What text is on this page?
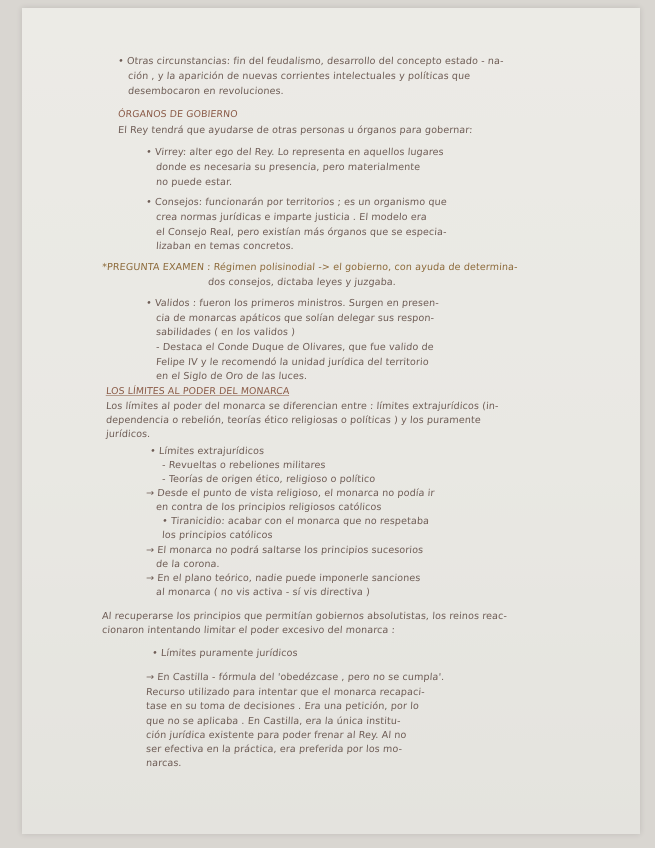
• Otras circunstancias: fin del feudalismo, desarrollo del concepto estado - na-
ción , y la aparición de nuevas corrientes intelectuales y políticas que
desembocaron en revoluciones.
ÓRGANOS DE GOBIERNO
El Rey tendrá que ayudarse de otras personas u órganos para gobernar:
• Virrey: alter ego del Rey. Lo representa en aquellos lugares
donde es necesaria su presencia, pero materialmente
no puede estar.
• Consejos: funcionarán por territorios ; es un organismo que
crea normas jurídicas e imparte justicia . El modelo era
el Consejo Real, pero existían más órganos que se especia-
lizaban en temas concretos.
*PREGUNTA EXAMEN : Régimen polisinodial -> el gobierno, con ayuda de determina-
dos consejos, dictaba leyes y juzgaba.
• Validos : fueron los primeros ministros. Surgen en presen-
cia de monarcas apáticos que solían delegar sus respon-
sabilidades ( en los validos )
- Destaca el Conde Duque de Olivares, que fue valido de
Felipe IV y le recomendó la unidad jurídica del territorio
en el Siglo de Oro de las luces.
LOS LÍMITES AL PODER DEL MONARCA
Los límites al poder del monarca se diferencian entre : límites extrajurídicos (in-
dependencia o rebelión, teorías ético religiosas o políticas ) y los puramente
jurídicos.
• Límites extrajurídicos
- Revueltas o rebeliones militares
- Teorías de origen ético, religioso o político
→ Desde el punto de vista religioso, el monarca no podía ir
en contra de los principios religiosos católicos
• Tiranicidio: acabar con el monarca que no respetaba
los principios católicos
→ El monarca no podrá saltarse los principios sucesorios
de la corona.
→ En el plano teórico, nadie puede imponerle sanciones
al monarca ( no vis activa - sí vis directiva )
Al recuperarse los principios que permitían gobiernos absolutistas, los reinos reac-
cionaron intentando limitar el poder excesivo del monarca :
• Límites puramente jurídicos
→ En Castilla - fórmula del 'obedézcase , pero no se cumpla'.
Recurso utilizado para intentar que el monarca recapaci-
tase en su toma de decisiones . Era una petición, por lo
que no se aplicaba . En Castilla, era la única institu-
ción jurídica existente para poder frenar al Rey. Al no
ser efectiva en la práctica, era preferida por los mo-
narcas.
